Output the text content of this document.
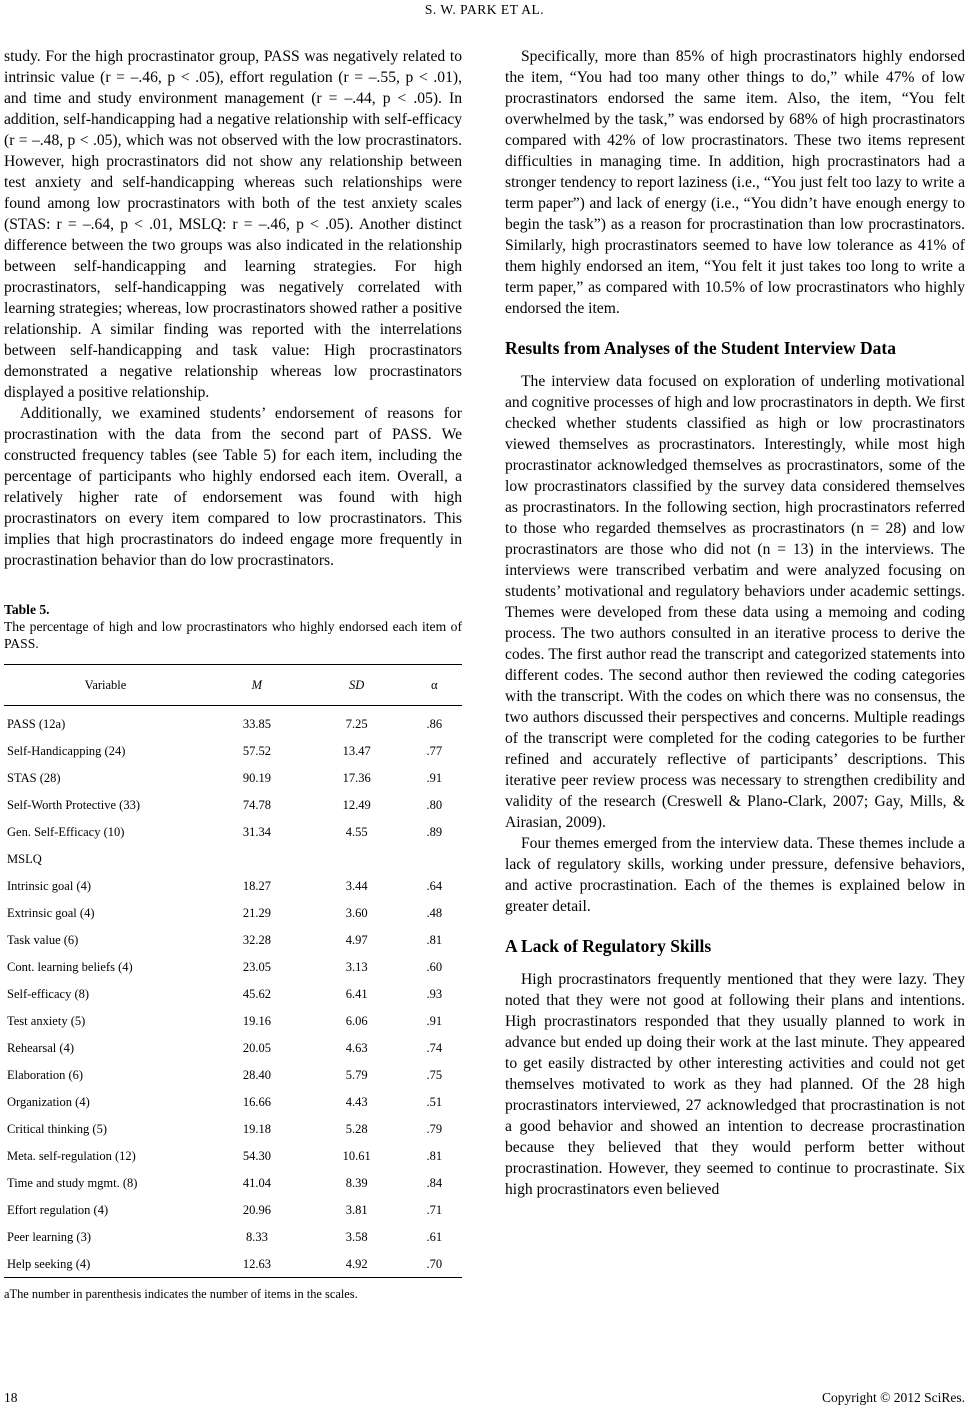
S. W. PARK ET AL.

study. For the high procrastinator group, PASS was negatively related to intrinsic value (r = –.46, p < .05), effort regulation (r = –.55, p < .01), and time and study environment management (r = –.44, p < .05). In addition, self-handicapping had a negative relationship with self-efficacy (r = –.48, p < .05), which was not observed with the low procrastinators. However, high procrastinators did not show any relationship between test anxiety and self-handicapping whereas such relationships were found among low procrastinators with both of the test anxiety scales (STAS: r = –.64, p < .01, MSLQ: r = –.46, p < .05). Another distinct difference between the two groups was also indicated in the relationship between self-handicapping and learning strategies. For high procrastinators, self-handicapping was negatively correlated with learning strategies; whereas, low procrastinators showed rather a positive relationship. A similar finding was reported with the interrelations between self-handicapping and task value: High procrastinators demonstrated a negative relationship whereas low procrastinators displayed a positive relationship.

Additionally, we examined students’ endorsement of reasons for procrastination with the data from the second part of PASS. We constructed frequency tables (see Table 5) for each item, including the percentage of participants who highly endorsed each item. Overall, a relatively higher rate of endorsement was found with high procrastinators on every item compared to low procrastinators. This implies that high procrastinators do indeed engage more frequently in procrastination behavior than do low procrastinators.

Table 5.
The percentage of high and low procrastinators who highly endorsed each item of PASS.
Variable	M	SD	α
PASS (12a)	33.85	7.25	.86
Self-Handicapping (24)	57.52	13.47	.77
STAS (28)	90.19	17.36	.91
Self-Worth Protective (33)	74.78	12.49	.80
Gen. Self-Efficacy (10)	31.34	4.55	.89
MSLQ			
Intrinsic goal (4)	18.27	3.44	.64
Extrinsic goal (4)	21.29	3.60	.48
Task value (6)	32.28	4.97	.81
Cont. learning beliefs (4)	23.05	3.13	.60
Self-efficacy (8)	45.62	6.41	.93
Test anxiety (5)	19.16	6.06	.91
Rehearsal (4)	20.05	4.63	.74
Elaboration (6)	28.40	5.79	.75
Organization (4)	16.66	4.43	.51
Critical thinking (5)	19.18	5.28	.79
Meta. self-regulation (12)	54.30	10.61	.81
Time and study mgmt. (8)	41.04	8.39	.84
Effort regulation (4)	20.96	3.81	.71
Peer learning (3)	8.33	3.58	.61
Help seeking (4)	12.63	4.92	.70
aThe number in parenthesis indicates the number of items in the scales.

Specifically, more than 85% of high procrastinators highly endorsed the item, “You had too many other things to do,” while 47% of low procrastinators endorsed the same item. Also, the item, “You felt overwhelmed by the task,” was endorsed by 68% of high procrastinators compared with 42% of low procrastinators. These two items represent difficulties in managing time. In addition, high procrastinators had a stronger tendency to report laziness (i.e., “You just felt too lazy to write a term paper”) and lack of energy (i.e., “You didn’t have enough energy to begin the task”) as a reason for procrastination than low procrastinators. Similarly, high procrastinators seemed to have low tolerance as 41% of them highly endorsed an item, “You felt it just takes too long to write a term paper,” as compared with 10.5% of low procrastinators who highly endorsed the item.

Results from Analyses of the Student Interview Data

The interview data focused on exploration of underling motivational and cognitive processes of high and low procrastinators in depth. We first checked whether students classified as high or low procrastinators viewed themselves as procrastinators. Interestingly, while most high procrastinator acknowledged themselves as procrastinators, some of the low procrastinators classified by the survey data considered themselves as procrastinators. In the following section, high procrastinators referred to those who regarded themselves as procrastinators (n = 28) and low procrastinators are those who did not (n = 13) in the interviews. The interviews were transcribed verbatim and were analyzed focusing on students’ motivational and regulatory behaviors under academic settings. Themes were developed from these data using a memoing and coding process. The two authors consulted in an iterative process to derive the codes. The first author read the transcript and categorized statements into different codes. The second author then reviewed the coding categories with the transcript. With the codes on which there was no consensus, the two authors discussed their perspectives and concerns. Multiple readings of the transcript were completed for the coding categories to be further refined and accurately reflective of participants’ descriptions. This iterative peer review process was necessary to strengthen credibility and validity of the research (Creswell & Plano-Clark, 2007; Gay, Mills, & Airasian, 2009).

Four themes emerged from the interview data. These themes include a lack of regulatory skills, working under pressure, defensive behaviors, and active procrastination. Each of the themes is explained below in greater detail.

A Lack of Regulatory Skills

High procrastinators frequently mentioned that they were lazy. They noted that they were not good at following their plans and intentions. High procrastinators responded that they usually planned to work in advance but ended up doing their work at the last minute. They appeared to get easily distracted by other interesting activities and could not get themselves motivated to work as they had planned. Of the 28 high procrastinators interviewed, 27 acknowledged that procrastination is not a good behavior and showed an intention to decrease procrastination because they believed that they would perform better without procrastination. However, they seemed to continue to procrastinate. Six high procrastinators even believed

18	Copyright © 2012 SciRes.
